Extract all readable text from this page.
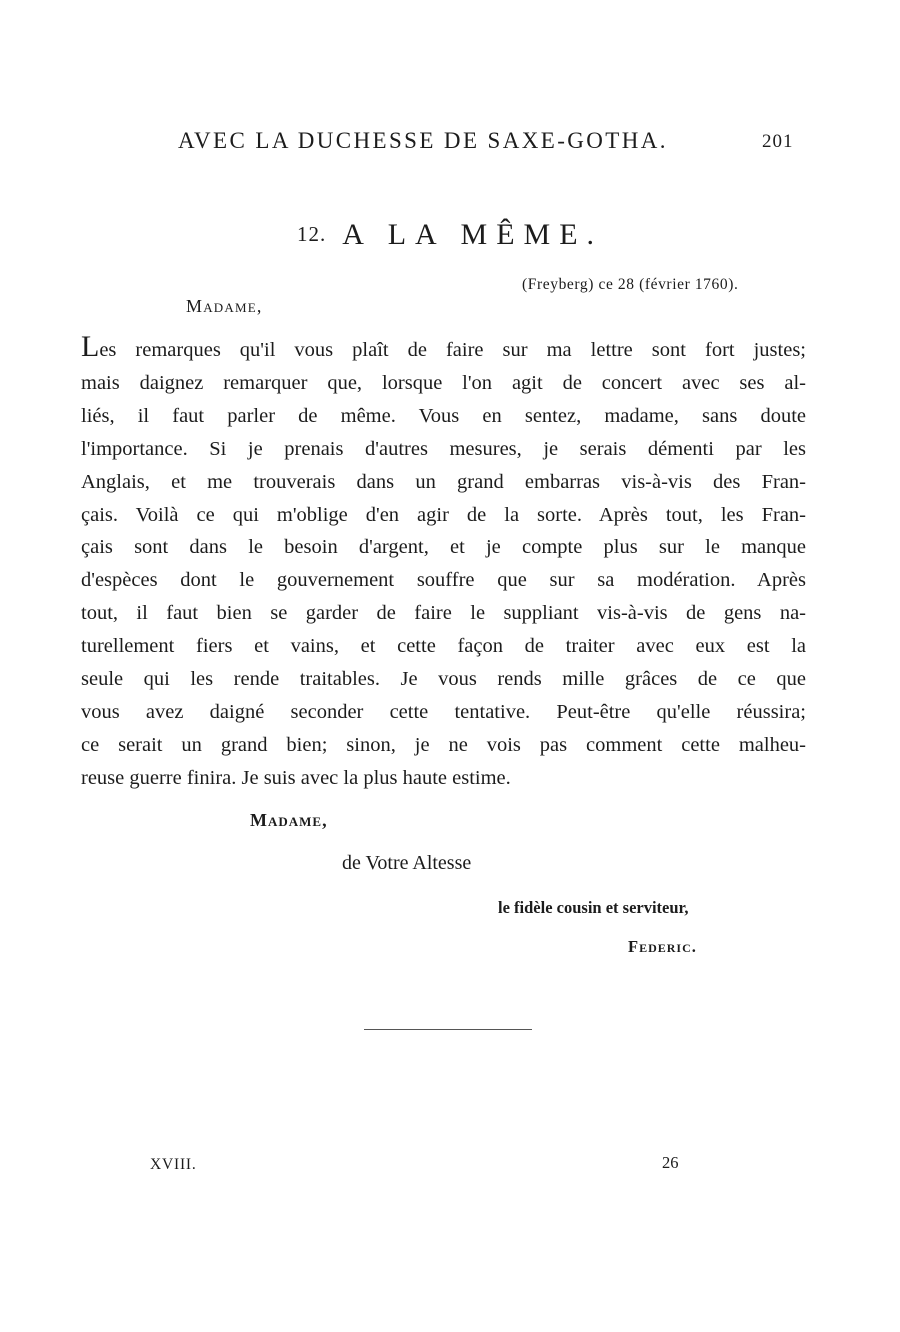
AVEC LA DUCHESSE DE SAXE-GOTHA.	201
12. A LA MÊME.
(Freyberg) ce 28 (février 1760).
Madame,
Les remarques qu'il vous plaît de faire sur ma lettre sont fort justes;
mais daignez remarquer que, lorsque l'on agit de concert avec ses al-
liés, il faut parler de même. Vous en sentez, madame, sans doute
l'importance. Si je prenais d'autres mesures, je serais démenti par les
Anglais, et me trouverais dans un grand embarras vis-à-vis des Fran-
çais. Voilà ce qui m'oblige d'en agir de la sorte. Après tout, les Fran-
çais sont dans le besoin d'argent, et je compte plus sur le manque
d'espèces dont le gouvernement souffre que sur sa modération. Après
tout, il faut bien se garder de faire le suppliant vis-à-vis de gens na-
turellement fiers et vains, et cette façon de traiter avec eux est la
seule qui les rende traitables. Je vous rends mille grâces de ce que
vous avez daigné seconder cette tentative. Peut-être qu'elle réussira;
ce serait un grand bien; sinon, je ne vois pas comment cette malheu-
reuse guerre finira. Je suis avec la plus haute estime.
Madame,
de Votre Altesse
le fidèle cousin et serviteur,
Federic.
XVIII.	26
